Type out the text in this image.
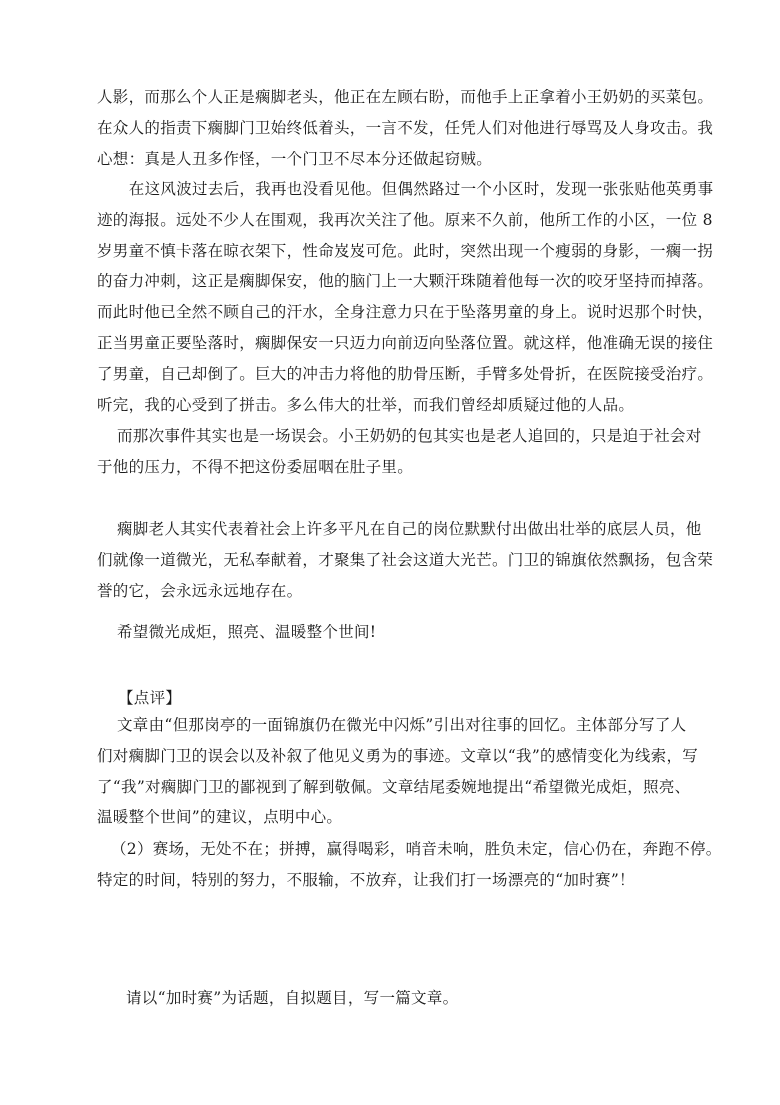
人影，而那么个人正是瘸脚老头，他正在左顾右盼，而他手上正拿着小王奶奶的买菜包。
在众人的指责下瘸脚门卫始终低着头，一言不发，任凭人们对他进行辱骂及人身攻击。我
心想：真是人丑多作怪，一个门卫不尽本分还做起窃贼。
　在这风波过去后，我再也没看见他。但偶然路过一个小区时，发现一张张贴他英勇事
迹的海报。远处不少人在围观，我再次关注了他。原来不久前，他所工作的小区，一位 8
岁男童不慎卡落在晾衣架下，性命岌岌可危。此时，突然出现一个瘦弱的身影，一瘸一拐
的奋力冲刺，这正是瘸脚保安，他的脑门上一大颗汗珠随着他每一次的咬牙坚持而掉落。
而此时他已全然不顾自己的汗水，全身注意力只在于坠落男童的身上。说时迟那个时快，
正当男童正要坠落时，瘸脚保安一只迈力向前迈向坠落位置。就这样，他准确无误的接住
了男童，自己却倒了。巨大的冲击力将他的肋骨压断，手臂多处骨折，在医院接受治疗。
听完，我的心受到了拼击。多么伟大的壮举，而我们曾经却质疑过他的人品。
而那次事件其实也是一场误会。小王奶奶的包其实也是老人追回的，只是迫于社会对
于他的压力，不得不把这份委屈咽在肚子里。
瘸脚老人其实代表着社会上许多平凡在自己的岗位默默付出做出壮举的底层人员，他
们就像一道微光，无私奉献着，才聚集了社会这道大光芒。门卫的锦旗依然飘扬，包含荣
誉的它，会永远永远地存在。
希望微光成炬，照亮、温暖整个世间!
【点评】
文章由“但那岗亭的一面锦旗仍在微光中闪烁”引出对往事的回忆。主体部分写了人
们对瘸脚门卫的误会以及补叙了他见义勇为的事迹。文章以“我”的感情变化为线索，写
了“我”对瘸脚门卫的鄙视到了解到敬佩。文章结尾委婉地提出“希望微光成炬，照亮、
温暖整个世间”的建议，点明中心。
（2）赛场，无处不在；拼搏，赢得喝彩，哨音未响，胜负未定，信心仍在，奔跑不停。
特定的时间，特别的努力，不服输，不放弃，让我们打一场漂亮的“加时赛”！
请以“加时赛”为话题，自拟题目，写一篇文章。
